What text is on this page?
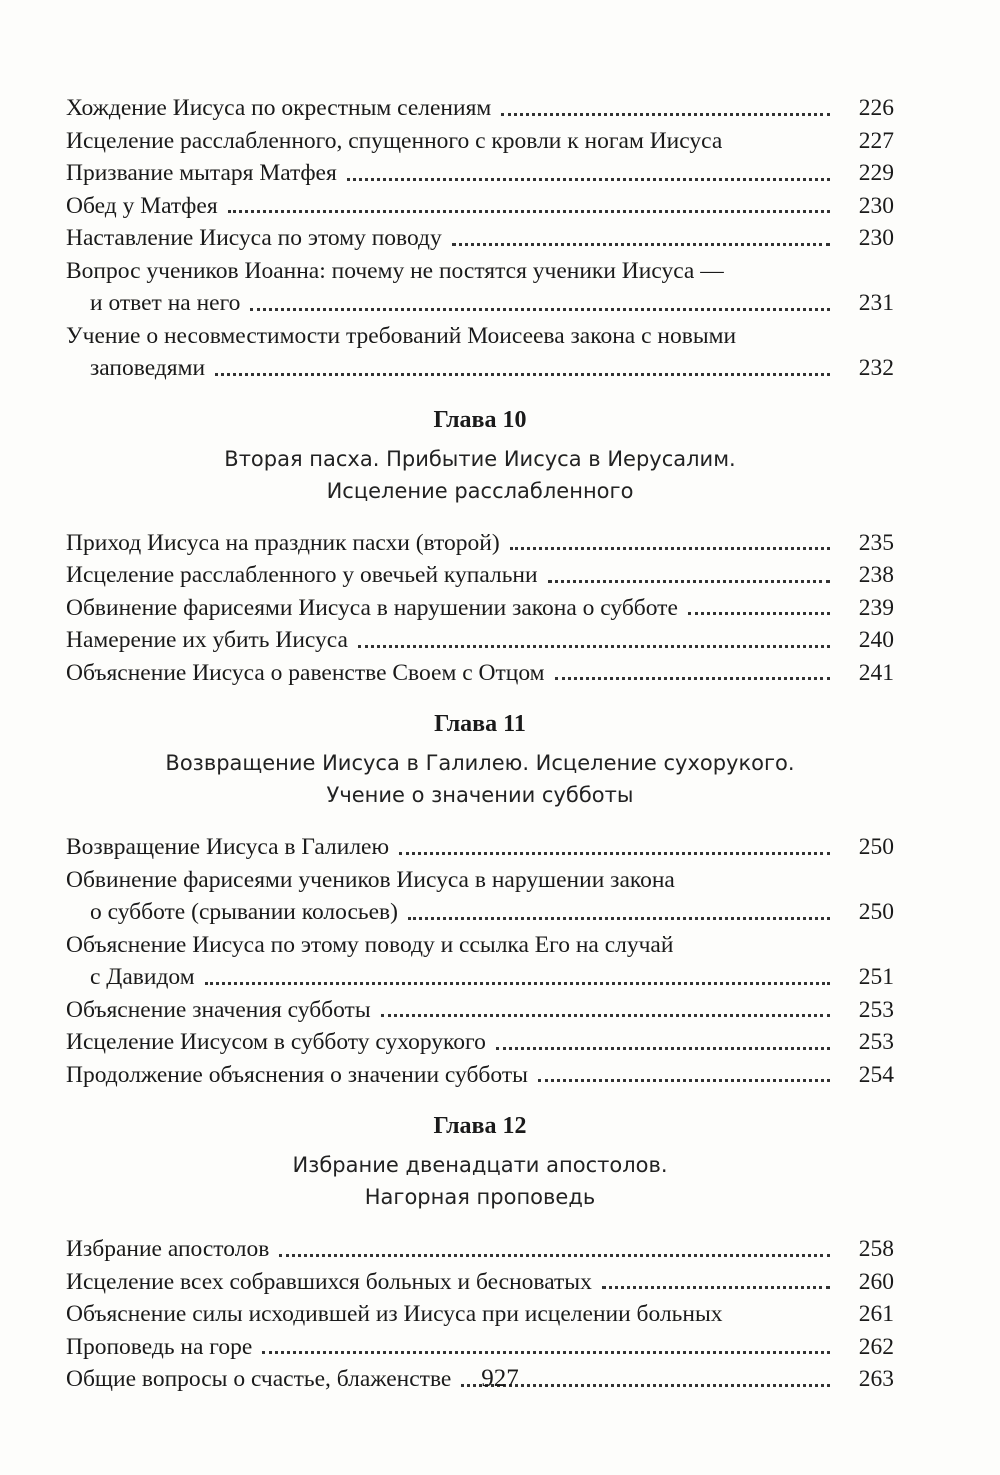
Хождение Иисуса по окрестным селениям	226
Исцеление расслабленного, спущенного с кровли к ногам Иисуса	227
Призвание мытаря Матфея	229
Обед у Матфея	230
Наставление Иисуса по этому поводу	230
Вопрос учеников Иоанна: почему не постятся ученики Иисуса —
и ответ на него	231
Учение о несовместимости требований Моисеева закона с новыми
заповедями	232
Глава 10
Вторая пасха. Прибытие Иисуса в Иерусалим.
Исцеление расслабленного
Приход Иисуса на праздник пасхи (второй)	235
Исцеление расслабленного у овечьей купальни	238
Обвинение фарисеями Иисуса в нарушении закона о субботе	239
Намерение их убить Иисуса	240
Объяснение Иисуса о равенстве Своем с Отцом	241
Глава 11
Возвращение Иисуса в Галилею. Исцеление сухорукого.
Учение о значении субботы
Возвращение Иисуса в Галилею	250
Обвинение фарисеями учеников Иисуса в нарушении закона
о субботе (срывании колосьев)	250
Объяснение Иисуса по этому поводу и ссылка Его на случай
с Давидом	251
Объяснение значения субботы	253
Исцеление Иисусом в субботу сухорукого	253
Продолжение объяснения о значении субботы	254
Глава 12
Избрание двенадцати апостолов.
Нагорная проповедь
Избрание апостолов	258
Исцеление всех собравшихся больных и бесноватых	260
Объяснение силы исходившей из Иисуса при исцелении больных	261
Проповедь на горе	262
Общие вопросы о счастье, блаженстве	263
927
